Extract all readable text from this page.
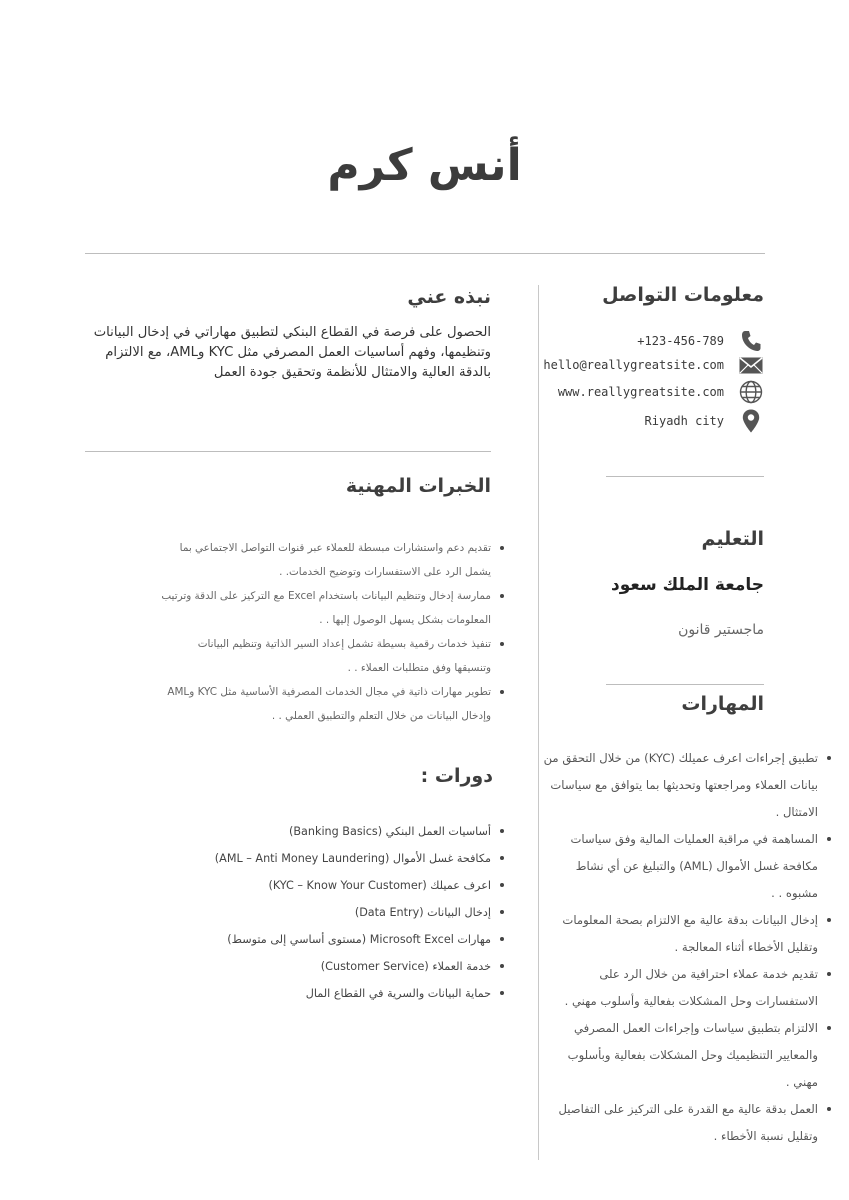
أنس كرم
معلومات التواصل
+123-456-789
hello@reallygreatsite.com
www.reallygreatsite.com
Riyadh city
التعليم
جامعة الملك سعود
ماجستير قانون
المهارات
تطبيق إجراءات اعرف عميلك (KYC) من خلال التحقق من بيانات العملاء ومراجعتها وتحديثها بما يتوافق مع سياسات الامتثال .
المساهمة في مراقبة العمليات المالية وفق سياسات مكافحة غسل الأموال (AML) والتبليغ عن أي نشاط مشبوه . .
إدخال البيانات بدقة عالية مع الالتزام بصحة المعلومات وتقليل الأخطاء أثناء المعالجة .
تقديم خدمة عملاء احترافية من خلال الرد على الاستفسارات وحل المشكلات بفعالية وأسلوب مهني .
الالتزام بتطبيق سياسات وإجراءات العمل المصرفي والمعايير التنظيميك وحل المشكلات بفعالية وبأسلوب مهني .
العمل بدقة عالية مع القدرة على التركيز على التفاصيل وتقليل نسبة الأخطاء .
نبذه عني
الحصول على فرصة في القطاع البنكي لتطبيق مهاراتي في إدخال البيانات وتنظيمها، وفهم أساسيات العمل المصرفي مثل KYC وAML، مع الالتزام بالدقة العالية والامتثال للأنظمة وتحقيق جودة العمل
الخبرات المهنية
تقديم دعم واستشارات مبسطة للعملاء عبر قنوات التواصل الاجتماعي بما يشمل الرد على الاستفسارات وتوضيح الخدمات. .
ممارسة إدخال وتنظيم البيانات باستخدام Excel مع التركيز على الدقة وترتيب المعلومات بشكل يسهل الوصول إليها . .
تنفيذ خدمات رقمية بسيطة تشمل إعداد السير الذاتية وتنظيم البيانات وتنسيقها وفق متطلبات العملاء . .
تطوير مهارات ذاتية في مجال الخدمات المصرفية الأساسية مثل KYC وAML وإدخال البيانات من خلال التعلم والتطبيق العملي . .
دورات :
أساسيات العمل البنكي (Banking Basics)
مكافحة غسل الأموال (AML – Anti Money Laundering)
اعرف عميلك (KYC – Know Your Customer)
إدخال البيانات (Data Entry)
مهارات Microsoft Excel (مستوى أساسي إلى متوسط)
خدمة العملاء (Customer Service)
حماية البيانات والسرية في القطاع المال
